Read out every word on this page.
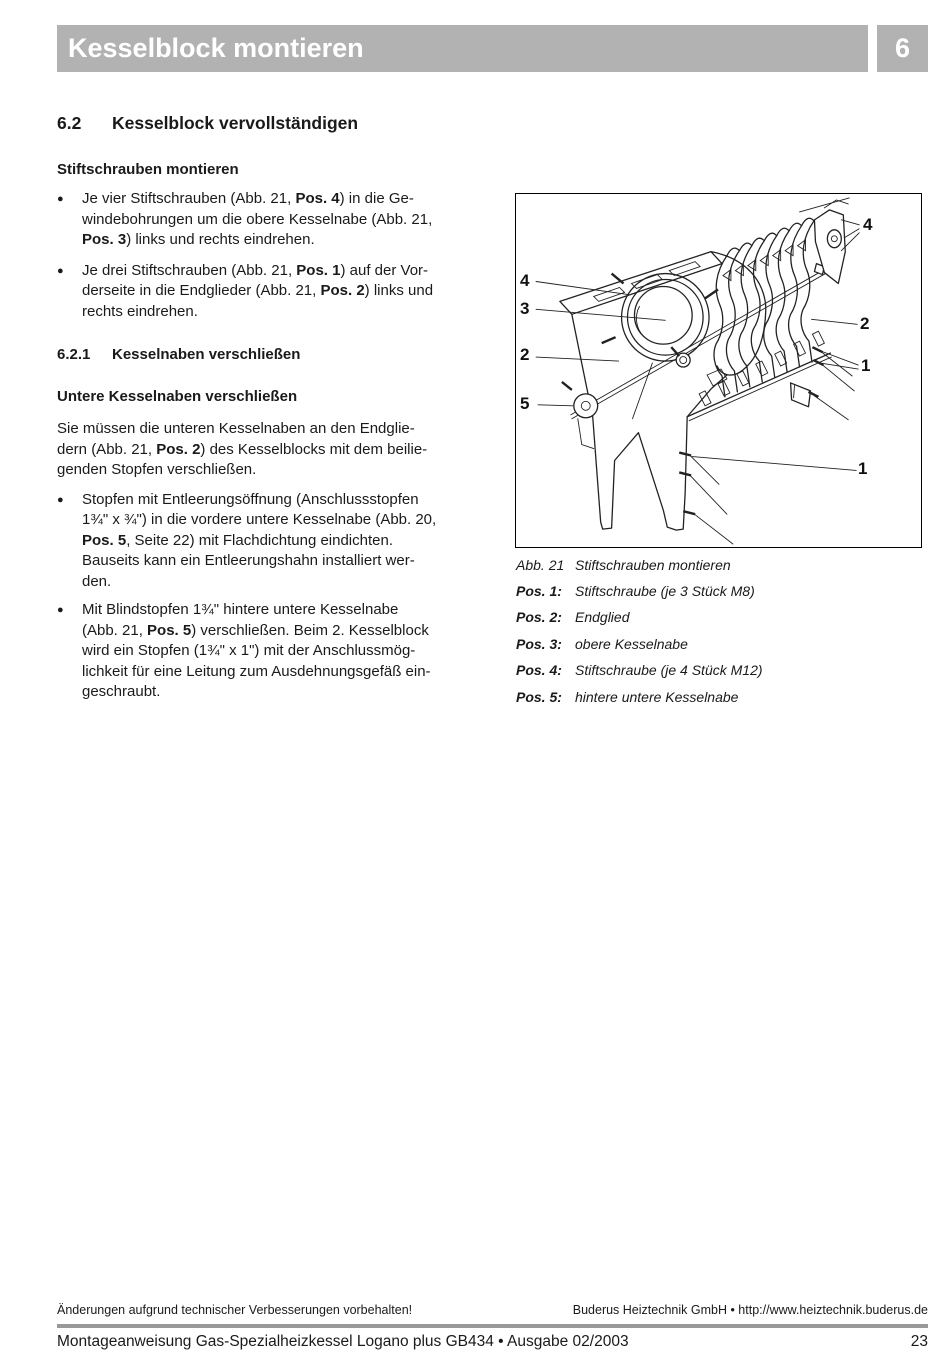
Kesselblock montieren	6
6.2 Kesselblock vervollständigen
Stiftschrauben montieren
●	Je vier Stiftschrauben (Abb. 21, Pos. 4) in die Ge-
windebohrungen um die obere Kesselnabe (Abb. 21,
Pos. 3) links und rechts eindrehen.
●	Je drei Stiftschrauben (Abb. 21, Pos. 1) auf der Vor-
derseite in die Endglieder (Abb. 21, Pos. 2) links und
rechts eindrehen.
6.2.1 Kesselnaben verschließen
Untere Kesselnaben verschließen
Sie müssen die unteren Kesselnaben an den Endglie-
dern (Abb. 21, Pos. 2) des Kesselblocks mit dem beilie-
genden Stopfen verschließen.
●	Stopfen mit Entleerungsöffnung (Anschlussstopfen
1¾" x ¾") in die vordere untere Kesselnabe (Abb. 20,
Pos. 5, Seite 22) mit Flachdichtung eindichten.
Bauseits kann ein Entleerungshahn installiert wer-
den.
●	Mit Blindstopfen 1¾" hintere untere Kesselnabe
(Abb. 21, Pos. 5) verschließen. Beim 2. Kesselblock
wird ein Stopfen (1¾" x 1") mit der Anschlussmög-
lichkeit für eine Leitung zum Ausdehnungsgefäß ein-
geschraubt.
4
3
2
5
4
2
1
1
Abb. 21 Stiftschrauben montieren
Pos. 1: Stiftschraube (je 3 Stück M8)
Pos. 2: Endglied
Pos. 3: obere Kesselnabe
Pos. 4: Stiftschraube (je 4 Stück M12)
Pos. 5: hintere untere Kesselnabe
Änderungen aufgrund technischer Verbesserungen vorbehalten!	Buderus Heiztechnik GmbH • http://www.heiztechnik.buderus.de
Montageanweisung Gas-Spezialheizkessel Logano plus GB434 • Ausgabe 02/2003	23
